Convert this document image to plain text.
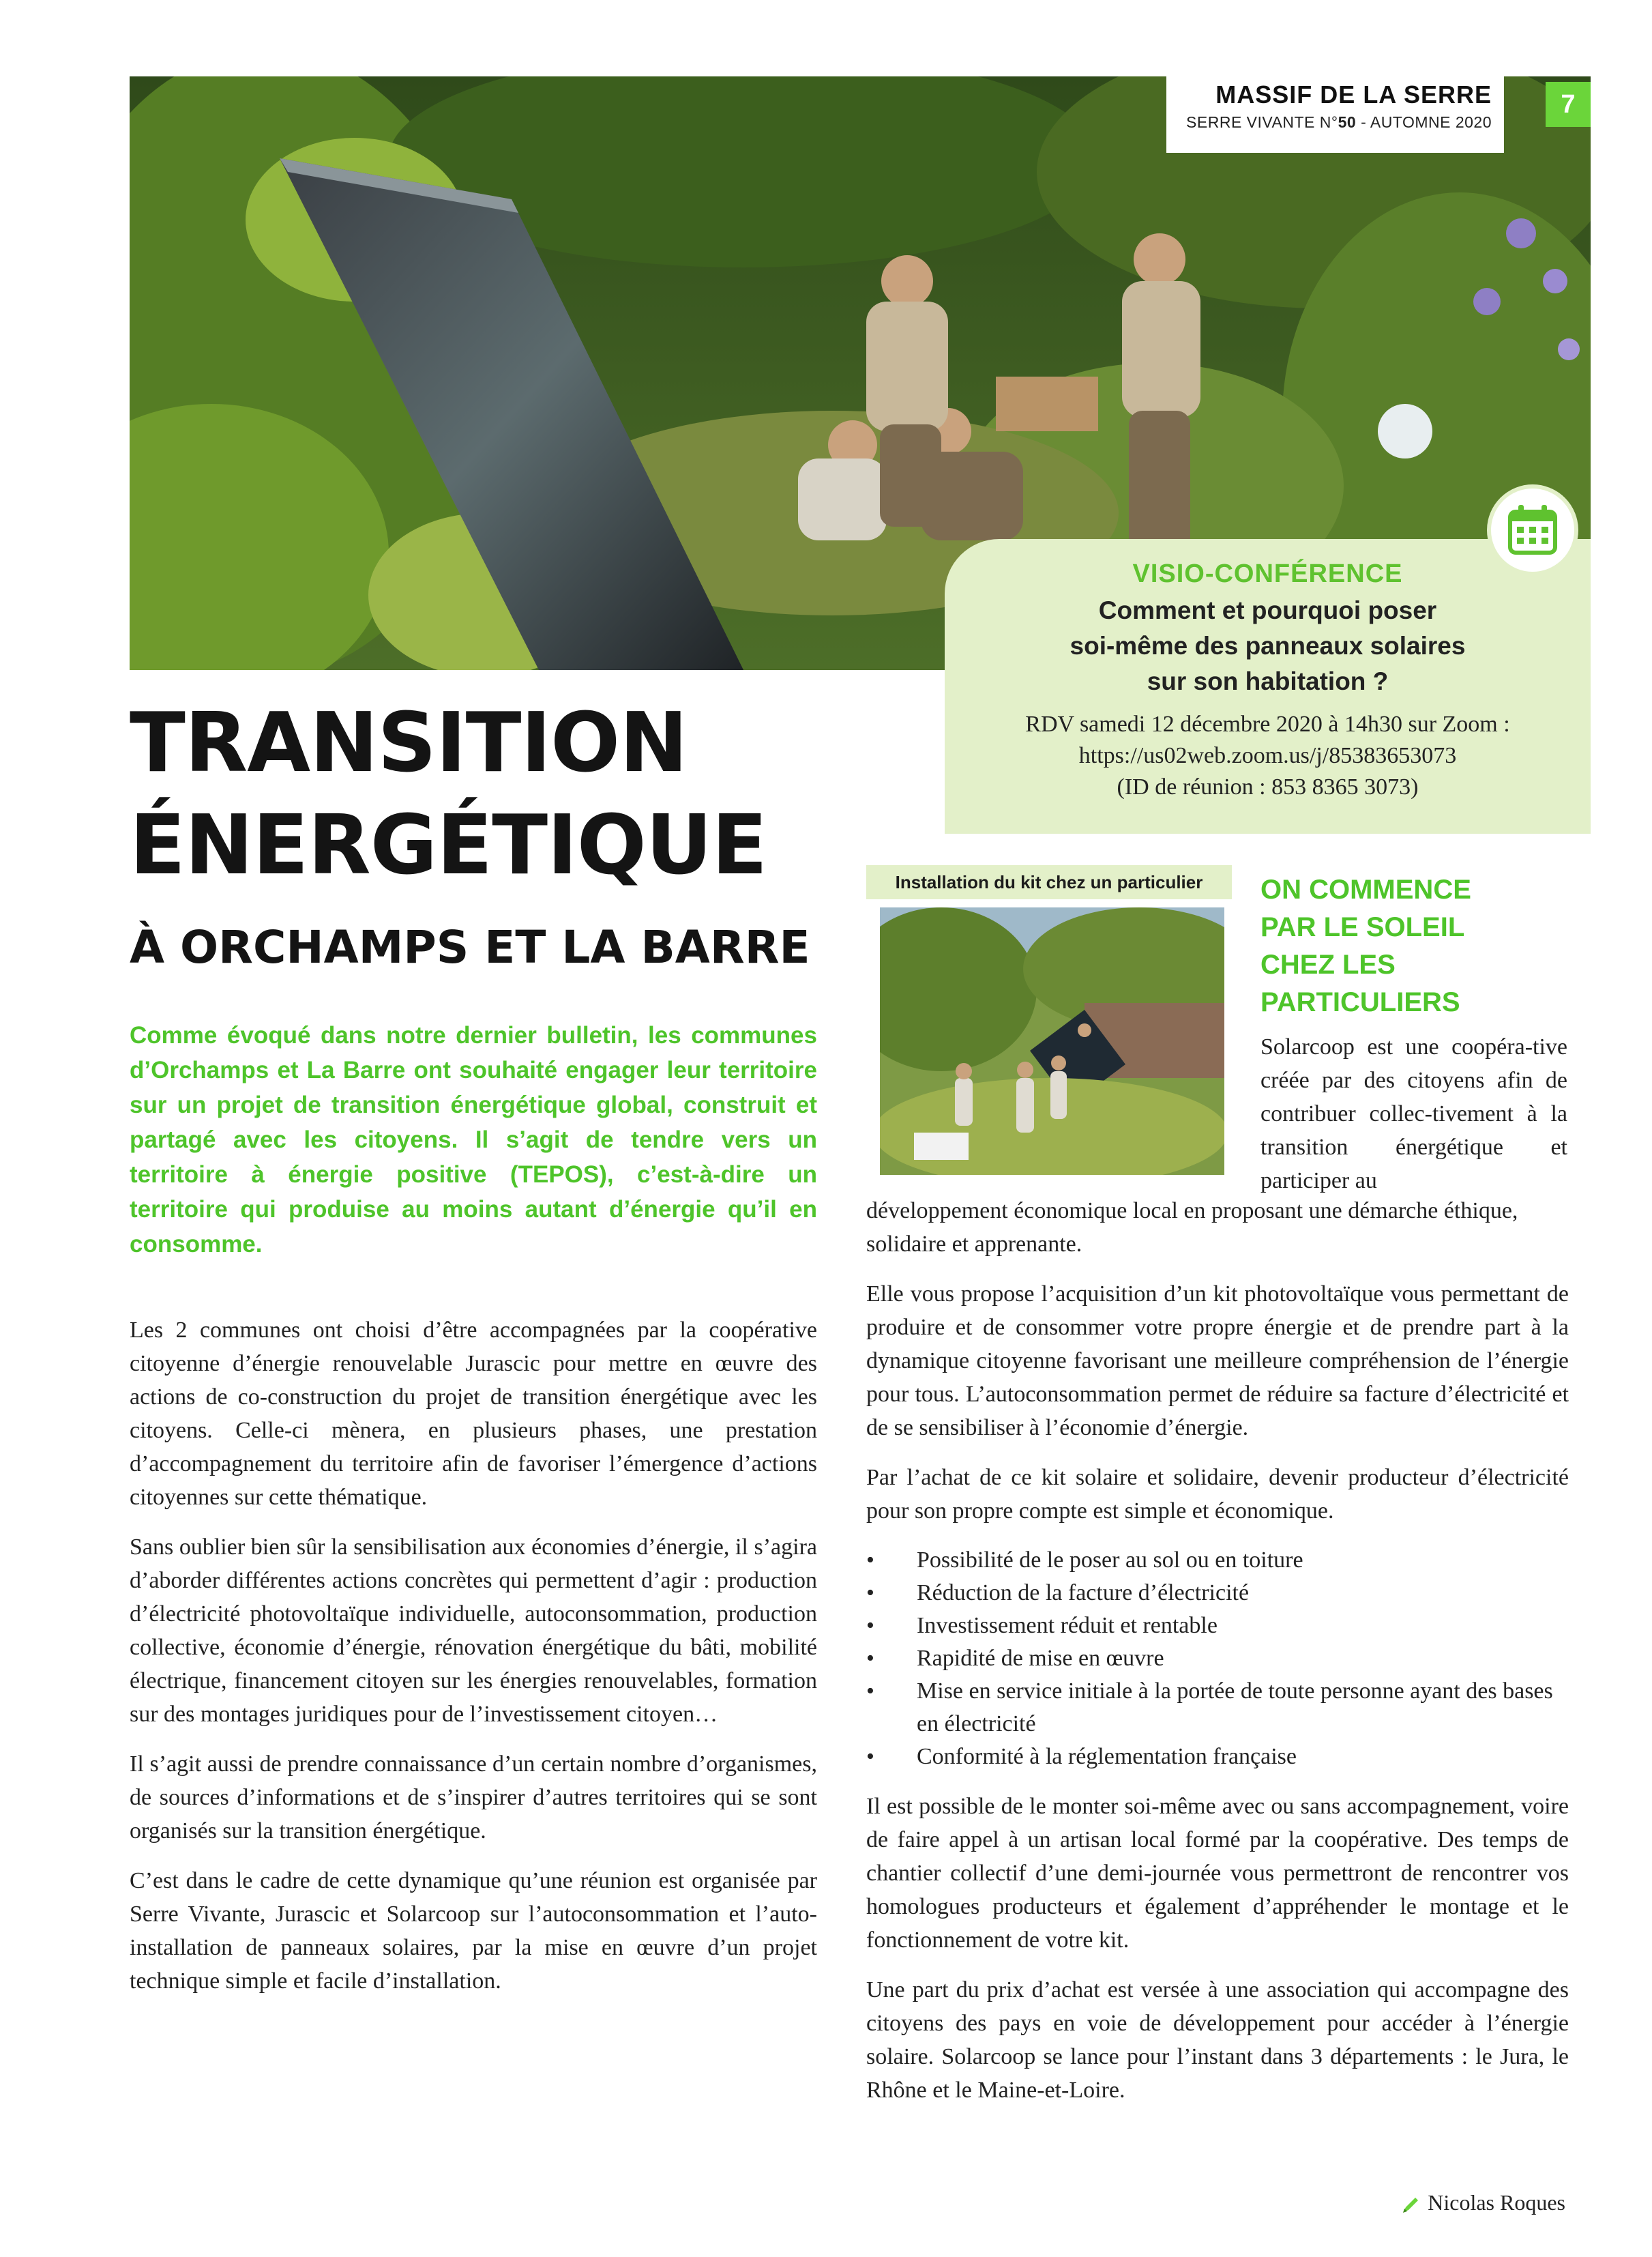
MASSIF DE LA SERRE
SERRE VIVANTE N°50 - AUTOMNE 2020
7
VISIO-CONFÉRENCE
Comment et pourquoi poser
soi-même des panneaux solaires
sur son habitation ?
RDV samedi 12 décembre 2020 à 14h30 sur Zoom :
https://us02web.zoom.us/j/85383653073
(ID de réunion : 853 8365 3073)
TRANSITION
ÉNERGÉTIQUE
À ORCHAMPS ET LA BARRE
Comme évoqué dans notre dernier bulletin, les communes d’Orchamps et La Barre ont souhaité engager leur territoire sur un projet de transition énergétique global, construit et partagé avec les citoyens. Il s’agit de tendre vers un territoire à énergie positive (TEPOS), c’est-à-dire un territoire qui produise au moins autant d’énergie qu’il en consomme.

Les 2 communes ont choisi d’être accompagnées par la coopérative citoyenne d’énergie renouvelable Jurascic pour mettre en œuvre des actions de co-construction du projet de transition énergétique avec les citoyens. Celle-ci mènera, en plusieurs phases, une prestation d’accompagnement du territoire afin de favoriser l’émergence d’actions citoyennes sur cette thématique.

Sans oublier bien sûr la sensibilisation aux économies d’énergie, il s’agira d’aborder différentes actions concrètes qui permettent d’agir : production d’électricité photovoltaïque individuelle, autoconsommation, production collective, économie d’énergie, rénovation énergétique du bâti, mobilité électrique, financement citoyen sur les énergies renouvelables, formation sur des montages juridiques pour de l’investissement citoyen…

Il s’agit aussi de prendre connaissance d’un certain nombre d’organismes, de sources d’informations et de s’inspirer d’autres territoires qui se sont organisés sur la transition énergétique.

C’est dans le cadre de cette dynamique qu’une réunion est organisée par Serre Vivante, Jurascic et Solarcoop sur l’autoconsommation et l’auto-installation de panneaux solaires, par la mise en œuvre d’un projet technique simple et facile d’installation.

Installation du kit chez un particulier	ON COMMENCE
PAR LE SOLEIL
CHEZ LES
PARTICULIERS
Solarcoop est une coopéra-tive créée par des citoyens afin de contribuer collec-tivement à la transition énergétique et participer au

développement économique local en proposant une démarche éthique, solidaire et apprenante.

Elle vous propose l’acquisition d’un kit photovoltaïque vous permettant de produire et de consommer votre propre énergie et de prendre part à la dynamique citoyenne favorisant une meilleure compréhension de l’énergie pour tous. L’autoconsommation permet de réduire sa facture d’électricité et de se sensibiliser à l’économie d’énergie.

Par l’achat de ce kit solaire et solidaire, devenir producteur d’électricité pour son propre compte est simple et économique.

• Possibilité de le poser au sol ou en toiture
• Réduction de la facture d’électricité
• Investissement réduit et rentable
• Rapidité de mise en œuvre
• Mise en service initiale à la portée de toute personne ayant des bases en électricité
• Conformité à la réglementation française

Il est possible de le monter soi-même avec ou sans accompagnement, voire de faire appel à un artisan local formé par la coopérative. Des temps de chantier collectif d’une demi-journée vous permettront de rencontrer vos homologues producteurs et également d’appréhender le montage et le fonctionnement de votre kit.

Une part du prix d’achat est versée à une association qui accompagne des citoyens des pays en voie de développement pour accéder à l’énergie solaire. Solarcoop se lance pour l’instant dans 3 départements : le Jura, le Rhône et le Maine-et-Loire.

Nicolas Roques
